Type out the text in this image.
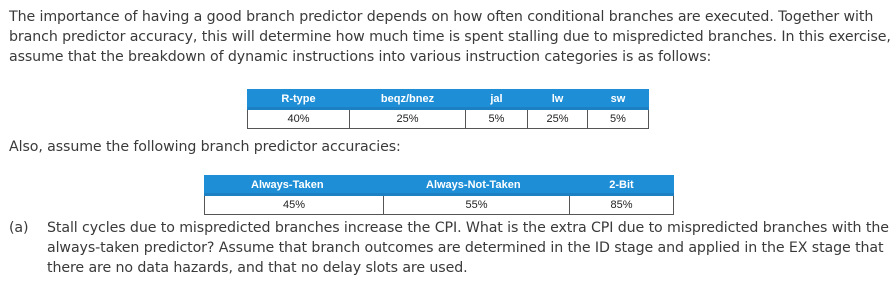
The importance of having a good branch predictor depends on how often conditional branches are executed. Together with
branch predictor accuracy, this will determine how much time is spent stalling due to mispredicted branches. In this exercise,
assume that the breakdown of dynamic instructions into various instruction categories is as follows:

R-type	beqz/bnez	jal	lw	sw
40%	25%	5%	25%	5%

Also, assume the following branch predictor accuracies:

Always-Taken	Always-Not-Taken	2-Bit
45%	55%	85%

(a) Stall cycles due to mispredicted branches increase the CPI. What is the extra CPI due to mispredicted branches with the
always-taken predictor? Assume that branch outcomes are determined in the ID stage and applied in the EX stage that
there are no data hazards, and that no delay slots are used.
